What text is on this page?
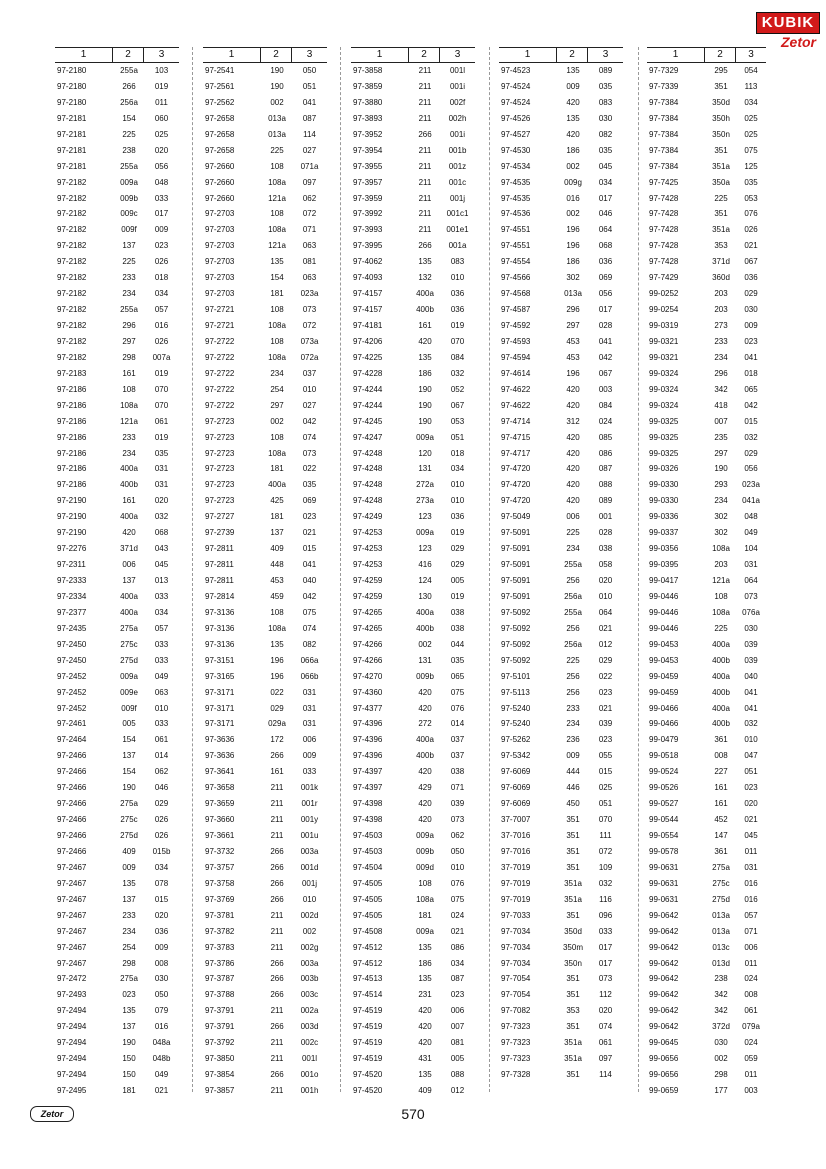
KUBIK
Zetor
1	2	3
97-2180	255a	103
97-2180	266	019
97-2180	256a	011
97-2181	154	060
97-2181	225	025
97-2181	238	020
97-2181	255a	056
97-2182	009a	048
97-2182	009b	033
97-2182	009c	017
97-2182	009f	009
97-2182	137	023
97-2182	225	026
97-2182	233	018
97-2182	234	034
97-2182	255a	057
97-2182	296	016
97-2182	297	026
97-2182	298	007a
97-2183	161	019
97-2186	108	070
97-2186	108a	070
97-2186	121a	061
97-2186	233	019
97-2186	234	035
97-2186	400a	031
97-2186	400b	031
97-2190	161	020
97-2190	400a	032
97-2190	420	068
97-2276	371d	043
97-2311	006	045
97-2333	137	013
97-2334	400a	033
97-2377	400a	034
97-2435	275a	057
97-2450	275c	033
97-2450	275d	033
97-2452	009a	049
97-2452	009e	063
97-2452	009f	010
97-2461	005	033
97-2464	154	061
97-2466	137	014
97-2466	154	062
97-2466	190	046
97-2466	275a	029
97-2466	275c	026
97-2466	275d	026
97-2466	409	015b
97-2467	009	034
97-2467	135	078
97-2467	137	015
97-2467	233	020
97-2467	234	036
97-2467	254	009
97-2467	298	008
97-2472	275a	030
97-2493	023	050
97-2494	135	079
97-2494	137	016
97-2494	190	048a
97-2494	150	048b
97-2494	150	049
97-2495	181	021
1	2	3
97-2541	190	050
97-2561	190	051
97-2562	002	041
97-2658	013a	087
97-2658	013a	114
97-2658	225	027
97-2660	108	071a
97-2660	108a	097
97-2660	121a	062
97-2703	108	072
97-2703	108a	071
97-2703	121a	063
97-2703	135	081
97-2703	154	063
97-2703	181	023a
97-2721	108	073
97-2721	108a	072
97-2722	108	073a
97-2722	108a	072a
97-2722	234	037
97-2722	254	010
97-2722	297	027
97-2723	002	042
97-2723	108	074
97-2723	108a	073
97-2723	181	022
97-2723	400a	035
97-2723	425	069
97-2727	181	023
97-2739	137	021
97-2811	409	015
97-2811	448	041
97-2811	453	040
97-2814	459	042
97-3136	108	075
97-3136	108a	074
97-3136	135	082
97-3151	196	066a
97-3165	196	066b
97-3171	022	031
97-3171	029	031
97-3171	029a	031
97-3636	172	006
97-3636	266	009
97-3641	161	033
97-3658	211	001k
97-3659	211	001r
97-3660	211	001y
97-3661	211	001u
97-3732	266	003a
97-3757	266	001d
97-3758	266	001j
97-3769	266	010
97-3781	211	002d
97-3782	211	002
97-3783	211	002g
97-3786	266	003a
97-3787	266	003b
97-3788	266	003c
97-3791	211	002a
97-3791	266	003d
97-3792	211	002c
97-3850	211	001l
97-3854	266	001o
97-3857	211	001h
1	2	3
97-3858	211	001l
97-3859	211	001i
97-3880	211	002f
97-3893	211	002h
97-3952	266	001i
97-3954	211	001b
97-3955	211	001z
97-3957	211	001c
97-3959	211	001j
97-3992	211	001c1
97-3993	211	001e1
97-3995	266	001a
97-4062	135	083
97-4093	132	010
97-4157	400a	036
97-4157	400b	036
97-4181	161	019
97-4206	420	070
97-4225	135	084
97-4228	186	032
97-4244	190	052
97-4244	190	067
97-4245	190	053
97-4247	009a	051
97-4248	120	018
97-4248	131	034
97-4248	272a	010
97-4248	273a	010
97-4249	123	036
97-4253	009a	019
97-4253	123	029
97-4253	416	029
97-4259	124	005
97-4259	130	019
97-4265	400a	038
97-4265	400b	038
97-4266	002	044
97-4266	131	035
97-4270	009b	065
97-4360	420	075
97-4377	420	076
97-4396	272	014
97-4396	400a	037
97-4396	400b	037
97-4397	420	038
97-4397	429	071
97-4398	420	039
97-4398	420	073
97-4503	009a	062
97-4503	009b	050
97-4504	009d	010
97-4505	108	076
97-4505	108a	075
97-4505	181	024
97-4508	009a	021
97-4512	135	086
97-4512	186	034
97-4513	135	087
97-4514	231	023
97-4519	420	006
97-4519	420	007
97-4519	420	081
97-4519	431	005
97-4520	135	088
97-4520	409	012
1	2	3
97-4523	135	089
97-4524	009	035
97-4524	420	083
97-4526	135	030
97-4527	420	082
97-4530	186	035
97-4534	002	045
97-4535	009g	034
97-4535	016	017
97-4536	002	046
97-4551	196	064
97-4551	196	068
97-4554	186	036
97-4566	302	069
97-4568	013a	056
97-4587	296	017
97-4592	297	028
97-4593	453	041
97-4594	453	042
97-4614	196	067
97-4622	420	003
97-4622	420	084
97-4714	312	024
97-4715	420	085
97-4717	420	086
97-4720	420	087
97-4720	420	088
97-4720	420	089
97-5049	006	001
97-5091	225	028
97-5091	234	038
97-5091	255a	058
97-5091	256	020
97-5091	256a	010
97-5092	255a	064
97-5092	256	021
97-5092	256a	012
97-5092	225	029
97-5101	256	022
97-5113	256	023
97-5240	233	021
97-5240	234	039
97-5262	236	023
97-5342	009	055
97-6069	444	015
97-6069	446	025
97-6069	450	051
37-7007	351	070
37-7016	351	111
97-7016	351	072
37-7019	351	109
97-7019	351a	032
97-7019	351a	116
97-7033	351	096
97-7034	350d	033
97-7034	350m	017
97-7034	350n	017
97-7054	351	073
97-7054	351	112
97-7082	353	020
97-7323	351	074
97-7323	351a	061
97-7323	351a	097
97-7328	351	114
1	2	3
97-7329	295	054
97-7339	351	113
97-7384	350d	034
97-7384	350h	025
97-7384	350n	025
97-7384	351	075
97-7384	351a	125
97-7425	350a	035
97-7428	225	053
97-7428	351	076
97-7428	351a	026
97-7428	353	021
97-7428	371d	067
97-7429	360d	036
99-0252	203	029
99-0254	203	030
99-0319	273	009
99-0321	233	023
99-0321	234	041
99-0324	296	018
99-0324	342	065
99-0324	418	042
99-0325	007	015
99-0325	235	032
99-0325	297	029
99-0326	190	056
99-0330	293	023a
99-0330	234	041a
99-0336	302	048
99-0337	302	049
99-0356	108a	104
99-0395	203	031
99-0417	121a	064
99-0446	108	073
99-0446	108a	076a
99-0446	225	030
99-0453	400a	039
99-0453	400b	039
99-0459	400a	040
99-0459	400b	041
99-0466	400a	041
99-0466	400b	032
99-0479	361	010
99-0518	008	047
99-0524	227	051
99-0526	161	023
99-0527	161	020
99-0544	452	021
99-0554	147	045
99-0578	361	011
99-0631	275a	031
99-0631	275c	016
99-0631	275d	016
99-0642	013a	057
99-0642	013a	071
99-0642	013c	006
99-0642	013d	011
99-0642	238	024
99-0642	342	008
99-0642	342	061
99-0642	372d	079a
99-0645	030	024
99-0656	002	059
99-0656	298	011
99-0659	177	003
Zetor	570
